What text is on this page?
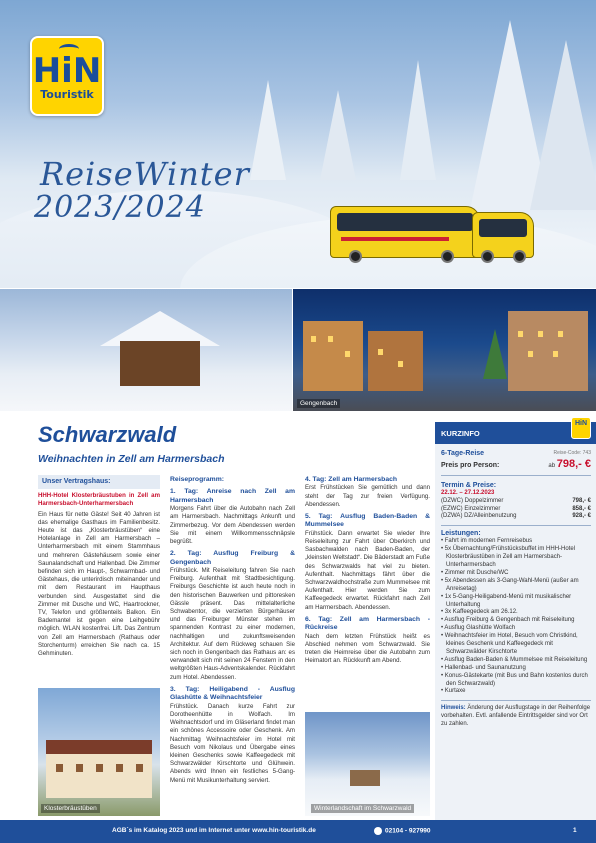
HiN
Touristik
ReiseWinter
2023/2024
Gengenbach
Schwarzwald
Weihnachten in Zell am Harmersbach
Unser Vertragshaus:
HHH-Hotel Klosterbräustuben in Zell am Harmersbach-Unterharmersbach
Ein Haus für nette Gäste! Seit 40 Jahren ist das ehemalige Gasthaus im Familienbesitz. Heute ist das „Klosterbräustüben“ eine Hotelanlage in Zell am Harmersbach – Unterharmersbach mit einem Stammhaus und mehreren Gästehäusern sowie einer Saunalandschaft und Hallenbad. Die Zimmer befinden sich im Haupt-, Schwarmbad- und Gästehaus, die unterirdisch miteinander und mit dem Restaurant im Haupthaus verbunden sind. Ausgestattet sind die Zimmer mit Dusche und WC, Haartrockner, TV, Telefon und größtenteils Balkon. Ein Bademantel ist gegen eine Leihgebühr möglich. WLAN kostenfrei. Lift. Das Zentrum von Zell am Harmersbach (Rathaus oder Storchenturm) erreichen Sie nach ca. 15 Gehminuten.
Klosterbräustüben
Reiseprogramm:
1. Tag: Anreise nach Zell am Harmersbach
Morgens Fahrt über die Autobahn nach Zell am Harmersbach. Nachmittags Ankunft und Zimmerbezug. Vor dem Abendessen werden Sie mit einem Willkommensschnäpsle begrüßt.
2. Tag: Ausflug Freiburg & Gengenbach
Frühstück. Mit Reiseleitung fahren Sie nach Freiburg. Aufenthalt mit Stadtbesichtigung. Freiburgs Geschichte ist auch heute noch in den historischen Bauwerken und pittoresken Gässle präsent. Das mittelalterliche Schwabentor, die verzierten Bürgerhäuser und das Freiburger Münster stehen im spannenden Kontrast zu einer modernen, nachhaltigen und zukunftsweisenden Architektur. Auf dem Rückweg schauen Sie sich noch in Gengenbach das Rathaus an: es verwandelt sich mit seinen 24 Fenstern in den weltgrößten Haus-Adventskalender. Rückfahrt zum Hotel. Abendessen.
3. Tag: Heiligabend - Ausflug Glashütte & Weihnachtsfeier
Frühstück. Danach kurze Fahrt zur Dorotheenhütte in Wolfach. Im Weihnachtsdorf und im Gläserland findet man ein schönes Accessoire oder Geschenk. Am Nachmittag Weihnachtsfeier im Hotel mit Besuch vom Nikolaus und Übergabe eines kleinen Geschenks sowie Kaffeegedeck mit Schwarzwälder Kirschtorte und Glühwein. Abends wird Ihnen ein festliches 5-Gang-Menü mit Musikunterhaltung serviert.
4. Tag: Zell am Harmersbach
Erst Frühstücken Sie gemütlich und dann steht der Tag zur freien Verfügung. Abendessen.
5. Tag: Ausflug Baden-Baden & Mummelsee
Frühstück. Dann erwartet Sie wieder Ihre Reiseleitung zur Fahrt über Oberkirch und Sasbachwalden nach Baden-Baden, der „kleinsten Weltstadt“. Die Bäderstadt am Fuße des Schwarzwalds hat viel zu bieten. Aufenthalt. Nachmittags fährt über die Schwarzwaldhochstraße zum Mummelsee mit Aufenthalt. Hier werden Sie zum Kaffeegedeck erwartet. Rückfahrt nach Zell am Harmersbach. Abendessen.
6. Tag: Zell am Harmersbach - Rückreise
Nach dem letzten Frühstück heißt es Abschied nehmen vom Schwarzwald. Sie treten die Heimreise über die Autobahn zum Heimatort an. Rückkunft am Abend.
Winterlandschaft im Schwarzwald
KURZINFO
HiN
6-Tage-Reise	Reise-Code: 743
Preis pro Person:	ab 798,- €
Termin & Preise:
22.12. – 27.12.2023
(DZWC) Doppelzimmer	798,- €
(EZWC) Einzelzimmer	858,- €
(DZWA) DZ/Alleinbenutzung	928,- €
Leistungen:
• Fahrt im modernen Fernreisebus
• 5x Übernachtung/Frühstücksbuffet im HHH-Hotel Klosterbräustüben in Zell am Harmersbach-Unterharmersbach
• Zimmer mit Dusche/WC
• 5x Abendessen als 3-Gang-Wahl-Menü (außer am Anreisetag)
• 1x 5-Gang-Heiligabend-Menü mit musikalischer Unterhaltung
• 3x Kaffeegedeck am 26.12.
• Ausflug Freiburg & Gengenbach mit Reiseleitung
• Ausflug Glashütte Wolfach
• Weihnachtsfeier im Hotel, Besuch vom Christkind, kleines Geschenk und Kaffeegedeck mit Schwarzwälder Kirschtorte
• Ausflug Baden-Baden & Mummelsee mit Reiseleitung
• Hallenbad- und Saunanutzung
• Konus-Gästekarte (mit Bus und Bahn kostenlos durch den Schwarzwald)
• Kurtaxe
Hinweis: Änderung der Ausflugstage in der Reihenfolge vorbehalten. Evtl. anfallende Eintrittsgelder sind vor Ort zu zahlen.
AGB´s im Katalog 2023 und im Internet unter www.hin-touristik.de	02104 - 927990	1
